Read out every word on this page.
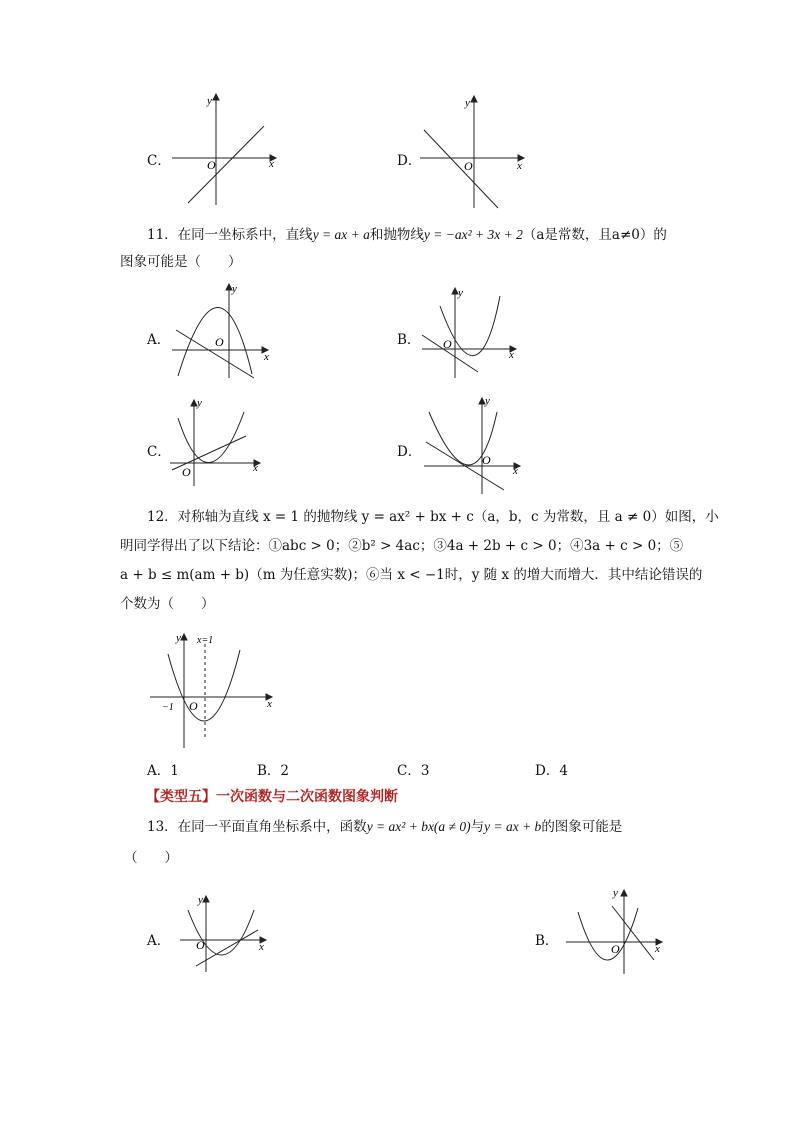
C．
y
x
O	D．
y
x
O
11．在同一坐标系中，直线y = ax + a和抛物线y = −ax² + 3x + 2（a是常数，且a≠0）的
图象可能是（　　）
A．
y
x
O	B．
y
x
O
C．
y
x
O
D．
y
x
O
12．对称轴为直线 x = 1 的抛物线 y = ax² + bx + c（a，b，c 为常数，且 a ≠ 0）如图，小
明同学得出了以下结论：①abc > 0；②b² > 4ac；③4a + 2b + c > 0；④3a + c > 0；⑤
a + b ≤ m(am + b)（m 为任意实数)；⑥当 x < −1时，y 随 x 的增大而增大．其中结论错误的
个数为（　　）
y x=1
x
O
−1
A．1	B．2	C．3	D．4
【类型五】一次函数与二次函数图象判断
13．在同一平面直角坐标系中，函数y = ax² + bx(a ≠ 0)与y = ax + b的图象可能是
（　　）
A．
y
x
O	B．
y
x
O
